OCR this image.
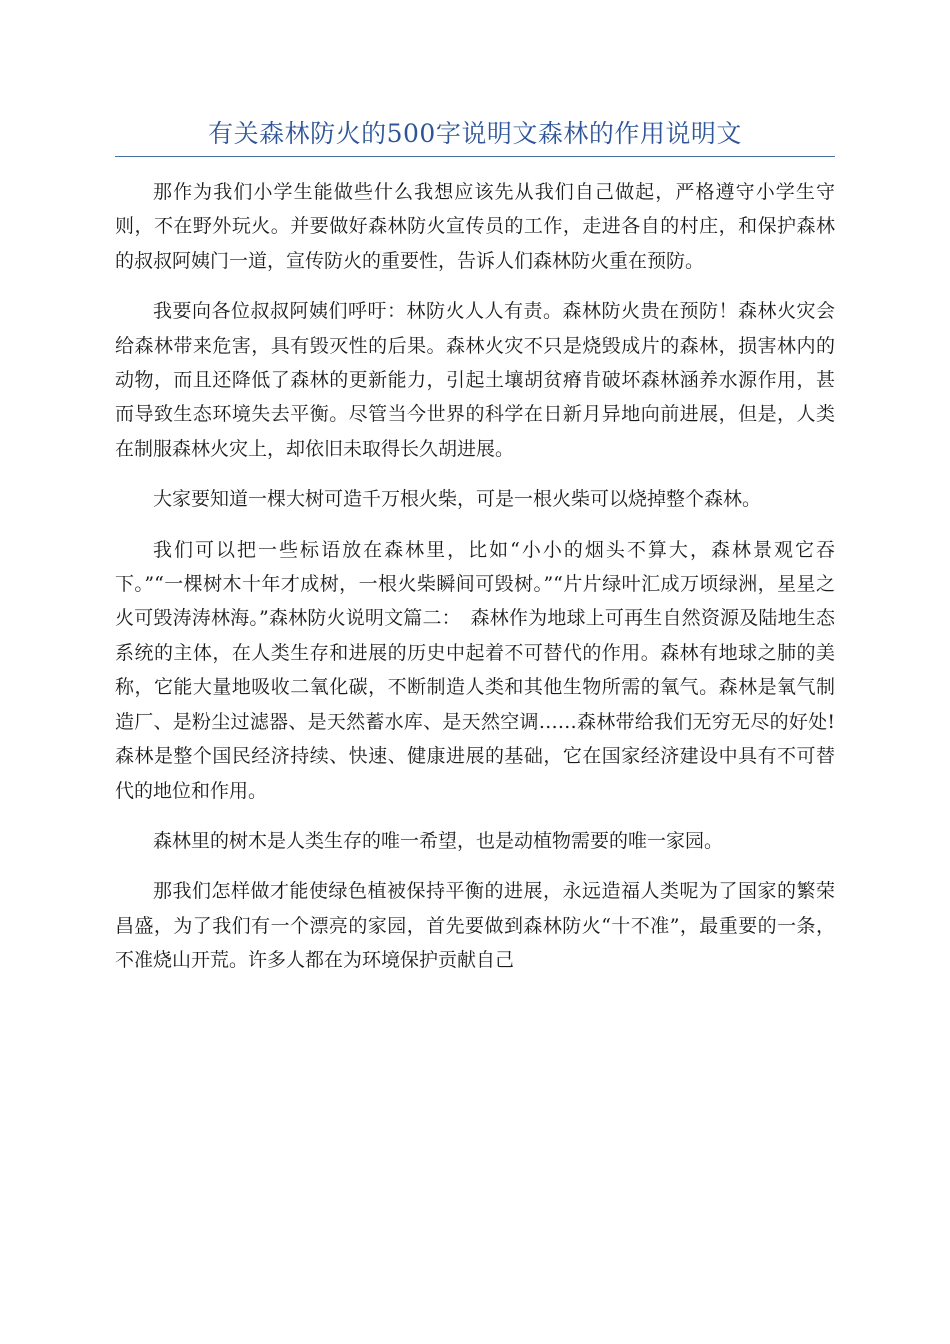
有关森林防火的500字说明文森林的作用说明文

那作为我们小学生能做些什么我想应该先从我们自己做起，严格遵守小学生守则，不在野外玩火。并要做好森林防火宣传员的工作，走进各自的村庄，和保护森林的叔叔阿姨门一道，宣传防火的重要性，告诉人们森林防火重在预防。

我要向各位叔叔阿姨们呼吁：林防火人人有责。森林防火贵在预防！森林火灾会给森林带来危害，具有毁灭性的后果。森林火灾不只是烧毁成片的森林，损害林内的动物，而且还降低了森林的更新能力，引起土壤胡贫瘠肯破坏森林涵养水源作用，甚而导致生态环境失去平衡。尽管当今世界的科学在日新月异地向前进展，但是，人类在制服森林火灾上，却依旧未取得长久胡进展。

大家要知道一棵大树可造千万根火柴，可是一根火柴可以烧掉整个森林。

我们可以把一些标语放在森林里，比如“小小的烟头不算大，森林景观它吞下。”“一棵树木十年才成树，一根火柴瞬间可毁树。”“片片绿叶汇成万顷绿洲，星星之火可毁涛涛林海。”森林防火说明文篇二：　森林作为地球上可再生自然资源及陆地生态系统的主体，在人类生存和进展的历史中起着不可替代的作用。森林有地球之肺的美称，它能大量地吸收二氧化碳，不断制造人类和其他生物所需的氧气。森林是氧气制造厂、是粉尘过滤器、是天然蓄水库、是天然空调……森林带给我们无穷无尽的好处!森林是整个国民经济持续、快速、健康进展的基础，它在国家经济建设中具有不可替代的地位和作用。

森林里的树木是人类生存的唯一希望，也是动植物需要的唯一家园。

那我们怎样做才能使绿色植被保持平衡的进展，永远造福人类呢为了国家的繁荣昌盛，为了我们有一个漂亮的家园，首先要做到森林防火“十不准”，最重要的一条，不准烧山开荒。许多人都在为环境保护贡献自己
